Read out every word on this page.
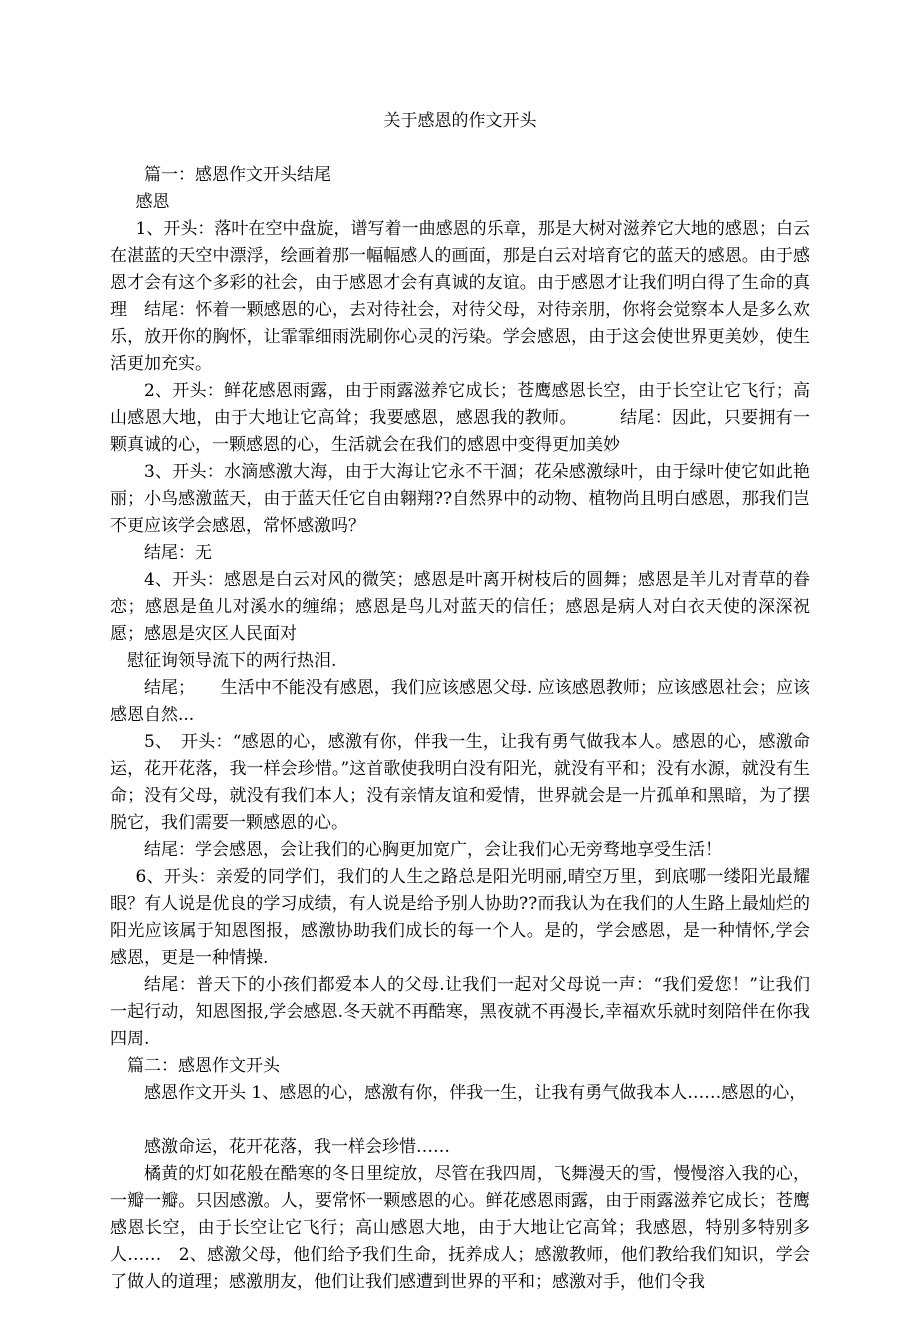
关于感恩的作文开头

篇一：感恩作文开头结尾

感恩

1、开头：落叶在空中盘旋，谱写着一曲感恩的乐章，那是大树对滋养它大地的感恩；白云在湛蓝的天空中漂浮，绘画着那一幅幅感人的画面，那是白云对培育它的蓝天的感恩。由于感恩才会有这个多彩的社会，由于感恩才会有真诚的友谊。由于感恩才让我们明白得了生命的真理　结尾：怀着一颗感恩的心，去对待社会，对待父母，对待亲朋，你将会觉察本人是多么欢乐，放开你的胸怀，让霏霏细雨洗刷你心灵的污染。学会感恩，由于这会使世界更美妙，使生活更加充实。

2、开头：鲜花感恩雨露，由于雨露滋养它成长；苍鹰感恩长空，由于长空让它飞行；高山感恩大地，由于大地让它高耸；我要感恩，感恩我的教师。　　　结尾：因此，只要拥有一颗真诚的心，一颗感恩的心，生活就会在我们的感恩中变得更加美妙

3、开头：水滴感激大海，由于大海让它永不干涸；花朵感激绿叶，由于绿叶使它如此艳丽；小鸟感激蓝天，由于蓝天任它自由翱翔??自然界中的动物、植物尚且明白感恩，那我们岂不更应该学会感恩，常怀感激吗？

结尾：无

4、开头：感恩是白云对风的微笑；感恩是叶离开树枝后的圆舞；感恩是羊儿对青草的眷恋；感恩是鱼儿对溪水的缠绵；感恩是鸟儿对蓝天的信任；感恩是病人对白衣天使的深深祝愿；感恩是灾区人民面对

慰征询领导流下的两行热泪.

结尾；　　生活中不能没有感恩，我们应该感恩父母. 应该感恩教师；应该感恩社会；应该感恩自然...

5、　开头：“感恩的心，感激有你，伴我一生，让我有勇气做我本人。感恩的心，感激命运，花开花落，我一样会珍惜。”这首歌使我明白没有阳光，就没有平和；没有水源，就没有生命；没有父母，就没有我们本人；没有亲情友谊和爱情，世界就会是一片孤单和黑暗，为了摆脱它，我们需要一颗感恩的心。

结尾：学会感恩，会让我们的心胸更加宽广，会让我们心无旁骛地享受生活！

6、开头：亲爱的同学们，我们的人生之路总是阳光明丽,晴空万里，到底哪一缕阳光最耀眼？有人说是优良的学习成绩，有人说是给予别人协助??而我认为在我们的人生路上最灿烂的阳光应该属于知恩图报，感激协助我们成长的每一个人。是的，学会感恩，是一种情怀,学会感恩，更是一种情操.

结尾：普天下的小孩们都爱本人的父母.让我们一起对父母说一声：“我们爱您！”让我们一起行动，知恩图报,学会感恩.冬天就不再酷寒，黑夜就不再漫长,幸福欢乐就时刻陪伴在你我四周.

篇二：感恩作文开头

感恩作文开头 1、感恩的心，感激有你，伴我一生，让我有勇气做我本人……感恩的心，

感激命运，花开花落，我一样会珍惜……

橘黄的灯如花般在酷寒的冬日里绽放，尽管在我四周，飞舞漫天的雪，慢慢溶入我的心，一瓣一瓣。只因感激。人，要常怀一颗感恩的心。鲜花感恩雨露，由于雨露滋养它成长；苍鹰感恩长空，由于长空让它飞行；高山感恩大地，由于大地让它高耸；我感恩，特别多特别多人……　2、感激父母，他们给予我们生命，抚养成人；感激教师，他们教给我们知识，学会了做人的道理；感激朋友，他们让我们感遭到世界的平和；感激对手，他们令我
